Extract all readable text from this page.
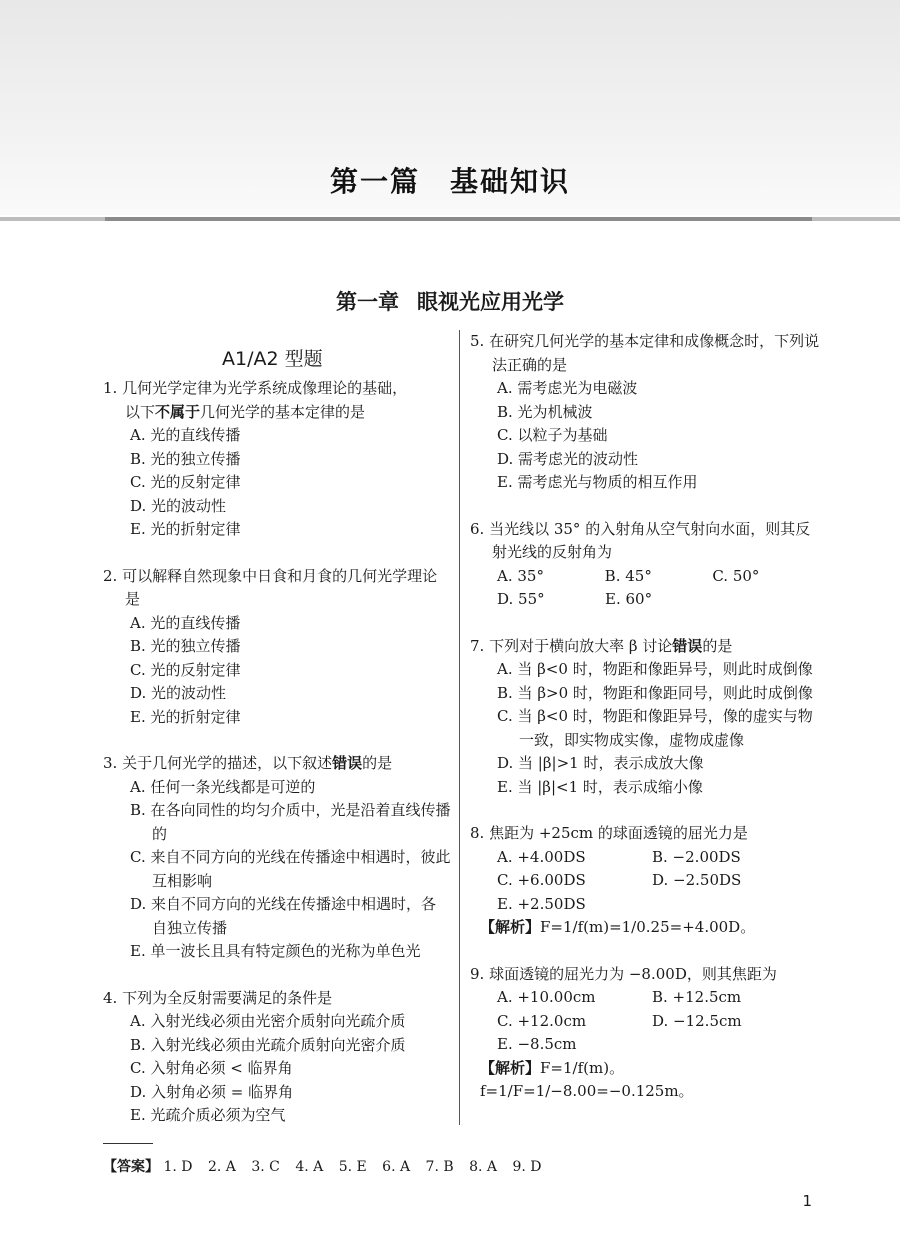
第一篇 基础知识
第一章 眼视光应用光学
A1/A2 型题
1. 几何光学定律为光学系统成像理论的基础，
以下不属于几何光学的基本定律的是
A. 光的直线传播
B. 光的独立传播
C. 光的反射定律
D. 光的波动性
E. 光的折射定律
2. 可以解释自然现象中日食和月食的几何光学理论是
A. 光的直线传播
B. 光的独立传播
C. 光的反射定律
D. 光的波动性
E. 光的折射定律
3. 关于几何光学的描述，以下叙述错误的是
A. 任何一条光线都是可逆的
B. 在各向同性的均匀介质中，光是沿着直线传播的
C. 来自不同方向的光线在传播途中相遇时，彼此互相影响
D. 来自不同方向的光线在传播途中相遇时，各自独立传播
E. 单一波长且具有特定颜色的光称为单色光
4. 下列为全反射需要满足的条件是
A. 入射光线必须由光密介质射向光疏介质
B. 入射光线必须由光疏介质射向光密介质
C. 入射角必须 < 临界角
D. 入射角必须 = 临界角
E. 光疏介质必须为空气
5. 在研究几何光学的基本定律和成像概念时，下列说法正确的是
A. 需考虑光为电磁波
B. 光为机械波
C. 以粒子为基础
D. 需考虑光的波动性
E. 需考虑光与物质的相互作用
6. 当光线以 35° 的入射角从空气射向水面，则其反射光线的反射角为
A. 35°	B. 45°	C. 50°
D. 55°	E. 60°
7. 下列对于横向放大率 β 讨论错误的是
A. 当 β<0 时，物距和像距异号，则此时成倒像
B. 当 β>0 时，物距和像距同号，则此时成倒像
C. 当 β<0 时，物距和像距异号，像的虚实与物一致，即实物成实像，虚物成虚像
D. 当 |β|>1 时，表示成放大像
E. 当 |β|<1 时，表示成缩小像
8. 焦距为 +25cm 的球面透镜的屈光力是
A. +4.00DS	B. −2.00DS
C. +6.00DS	D. −2.50DS
E. +2.50DS
【解析】F=1/f(m)=1/0.25=+4.00D。
9. 球面透镜的屈光力为 −8.00D，则其焦距为
A. +10.00cm	B. +12.5cm
C. +12.0cm	D. −12.5cm
E. −8.5cm
【解析】F=1/f(m)。f=1/F=1/−8.00=−0.125m。
【答案】 1. D 2. A 3. C 4. A 5. E 6. A 7. B 8. A 9. D
1
